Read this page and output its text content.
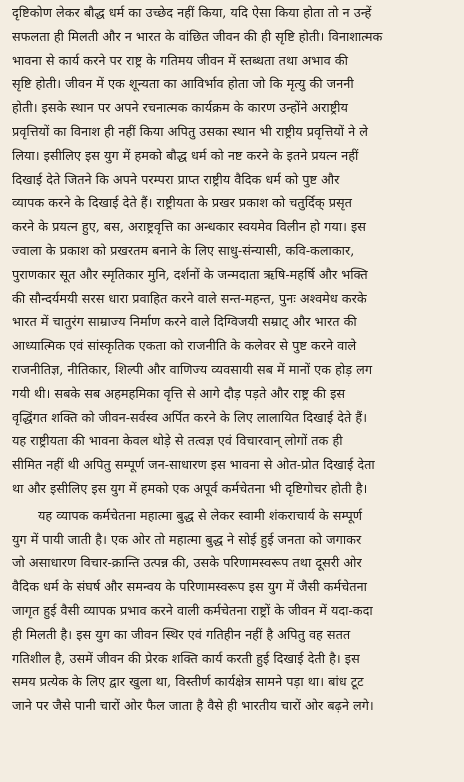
दृष्टिकोण लेकर बौद्ध धर्म का उच्छेद नहीं किया, यदि ऐसा किया होता तो न उन्हें
सफलता ही मिलती और न भारत के वांछित जीवन की ही सृष्टि होती। विनाशात्मक
भावना से कार्य करने पर राष्ट्र के गतिमय जीवन में स्तब्धता तथा अभाव की
सृष्टि होती। जीवन में एक शून्यता का आविर्भाव होता जो कि मृत्यु की जननी
होती। इसके स्थान पर अपने रचनात्मक कार्यक्रम के कारण उन्होंने अराष्ट्रीय
प्रवृत्तियों का विनाश ही नहीं किया अपितु उसका स्थान भी राष्ट्रीय प्रवृत्तियों ने ले
लिया। इसीलिए इस युग में हमको बौद्ध धर्म को नष्ट करने के इतने प्रयत्न नहीं
दिखाई देते जितने कि अपने परम्परा प्राप्त राष्ट्रीय वैदिक धर्म को पुष्ट और
व्यापक करने के दिखाई देते हैं। राष्ट्रीयता के प्रखर प्रकाश को चतुर्दिक् प्रसृत
करने के प्रयत्न हुए, बस, अराष्ट्रवृत्ति का अन्धकार स्वयमेव विलीन हो गया। इस
ज्वाला के प्रकाश को प्रखरतम बनाने के लिए साधु-संन्यासी, कवि-कलाकार,
पुराणकार सूत और स्मृतिकार मुनि, दर्शनों के जन्मदाता ऋषि-महर्षि और भक्ति
की सौन्दर्यमयी सरस धारा प्रवाहित करने वाले सन्त-महन्त, पुनः अश्वमेध करके
भारत में चातुरंग साम्राज्य निर्माण करने वाले दिग्विजयी सम्राट् और भारत की
आध्यात्मिक एवं सांस्कृतिक एकता को राजनीति के कलेवर से पुष्ट करने वाले
राजनीतिज्ञ, नीतिकार, शिल्पी और वाणिज्य व्यवसायी सब में मानों एक होड़ लग
गयी थी। सबके सब अहमहमिका वृत्ति से आगे दौड़ पड़ते और राष्ट्र की इस
वृद्धिंगत शक्ति को जीवन-सर्वस्व अर्पित करने के लिए लालायित दिखाई देते हैं।
यह राष्ट्रीयता की भावना केवल थोड़े से तत्वज्ञ एवं विचारवान् लोगों तक ही
सीमित नहीं थी अपितु सम्पूर्ण जन-साधारण इस भावना से ओत-प्रोत दिखाई देता
था और इसीलिए इस युग में हमको एक अपूर्व कर्मचेतना भी दृष्टिगोचर होती है।
यह व्यापक कर्मचेतना महात्मा बुद्ध से लेकर स्वामी शंकराचार्य के सम्पूर्ण
युग में पायी जाती है। एक ओर तो महात्मा बुद्ध ने सोई हुई जनता को जगाकर
जो असाधारण विचार-क्रान्ति उत्पन्न की, उसके परिणामस्वरूप तथा दूसरी ओर
वैदिक धर्म के संघर्ष और समन्वय के परिणामस्वरूप इस युग में जैसी कर्मचेतना
जागृत हुई वैसी व्यापक प्रभाव करने वाली कर्मचेतना राष्ट्रों के जीवन में यदा-कदा
ही मिलती है। इस युग का जीवन स्थिर एवं गतिहीन नहीं है अपितु वह सतत
गतिशील है, उसमें जीवन की प्रेरक शक्ति कार्य करती हुई दिखाई देती है। इस
समय प्रत्येक के लिए द्वार खुला था, विस्तीर्ण कार्यक्षेत्र सामने पड़ा था। बांध टूट
जाने पर जैसे पानी चारों ओर फैल जाता है वैसे ही भारतीय चारों ओर बढ़ने लगे।
